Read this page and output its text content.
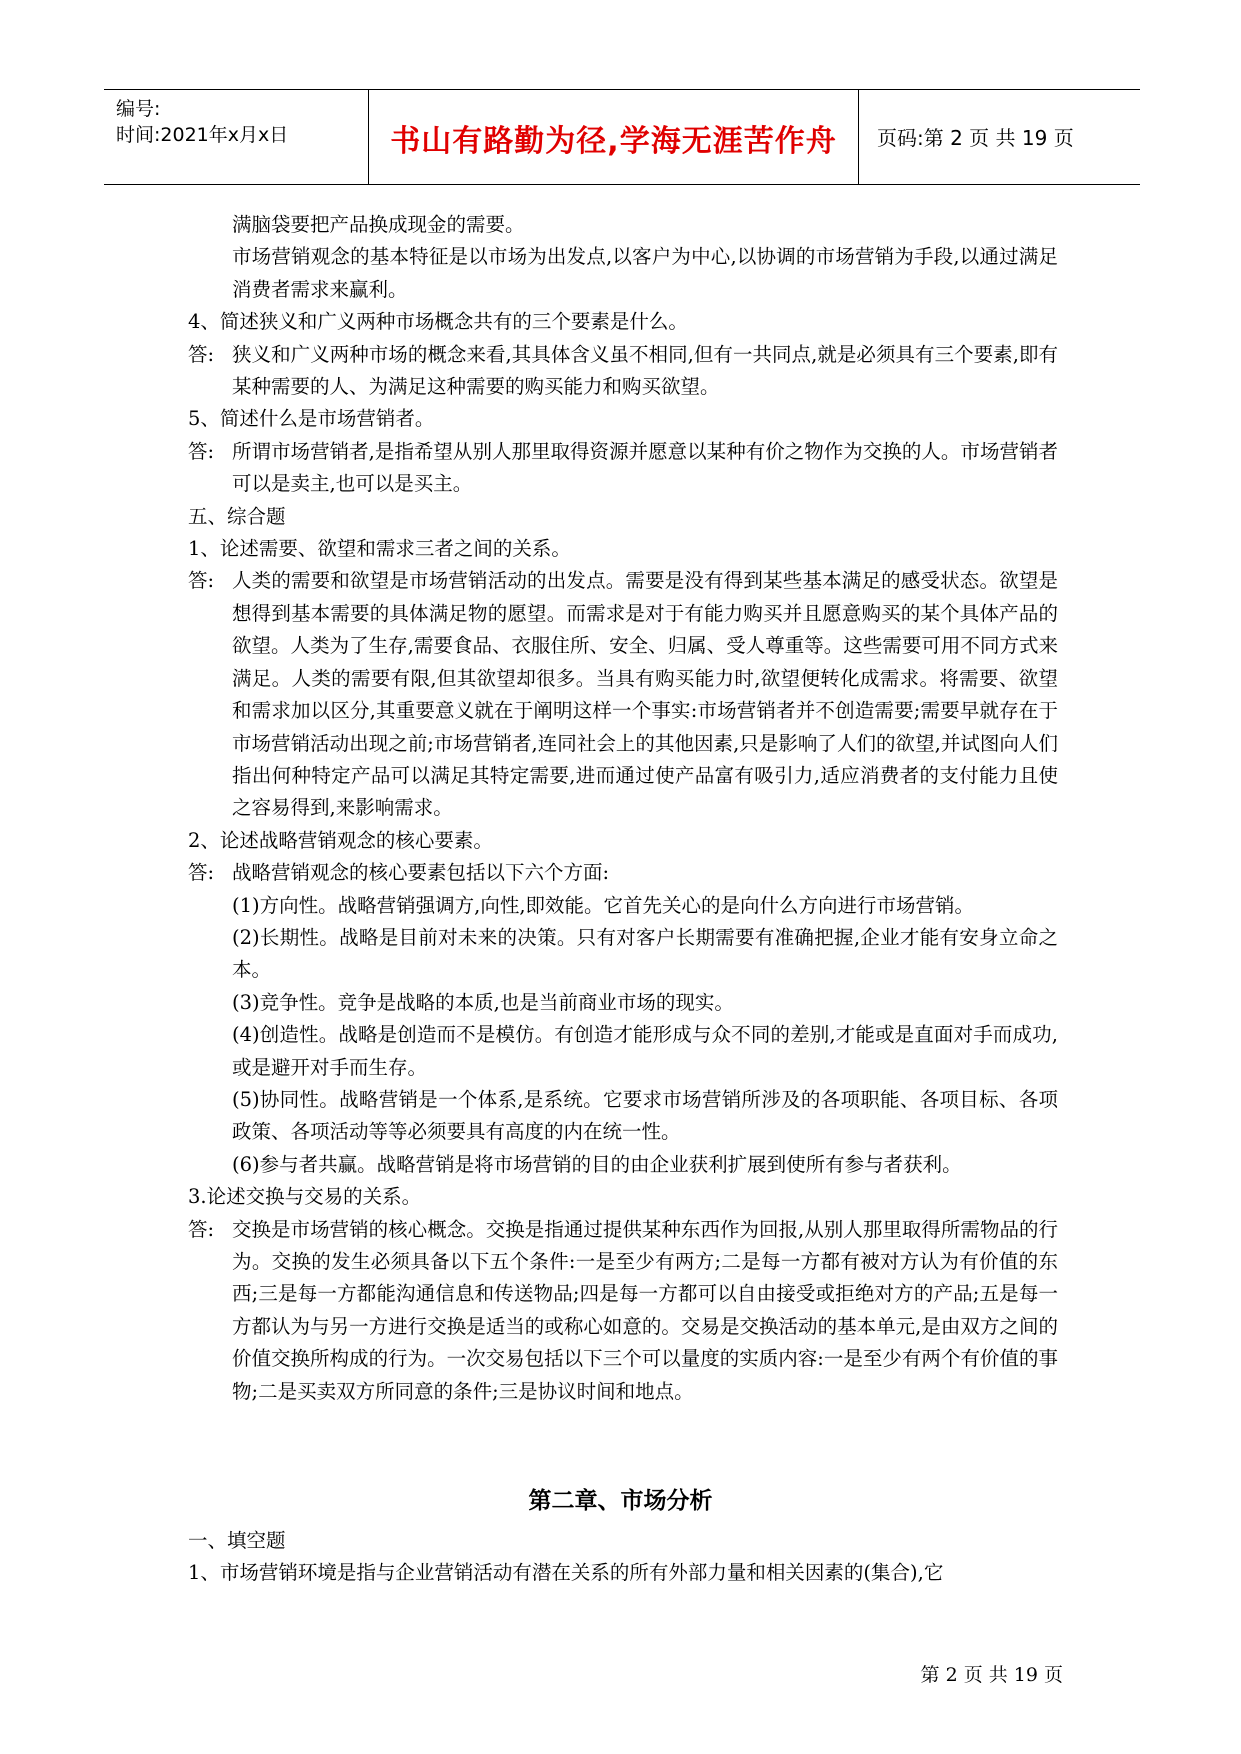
编号:
时间:2021年x月x日	书山有路勤为径,学海无涯苦作舟	页码:第 2 页 共 19 页
满脑袋要把产品换成现金的需要。
市场营销观念的基本特征是以市场为出发点,以客户为中心,以协调的市场营销为手段,以通过满足消费者需求来赢利。
4、简述狭义和广义两种市场概念共有的三个要素是什么。
答: 狭义和广义两种市场的概念来看,其具体含义虽不相同,但有一共同点,就是必须具有三个要素,即有某种需要的人、为满足这种需要的购买能力和购买欲望。
5、简述什么是市场营销者。
答: 所谓市场营销者,是指希望从别人那里取得资源并愿意以某种有价之物作为交换的人。市场营销者可以是卖主,也可以是买主。
五、综合题
1、论述需要、欲望和需求三者之间的关系。
答: 人类的需要和欲望是市场营销活动的出发点。需要是没有得到某些基本满足的感受状态。欲望是想得到基本需要的具体满足物的愿望。而需求是对于有能力购买并且愿意购买的某个具体产品的欲望。人类为了生存,需要食品、衣服住所、安全、归属、受人尊重等。这些需要可用不同方式来满足。人类的需要有限,但其欲望却很多。当具有购买能力时,欲望便转化成需求。将需要、欲望和需求加以区分,其重要意义就在于阐明这样一个事实:市场营销者并不创造需要;需要早就存在于市场营销活动出现之前;市场营销者,连同社会上的其他因素,只是影响了人们的欲望,并试图向人们指出何种特定产品可以满足其特定需要,进而通过使产品富有吸引力,适应消费者的支付能力且使之容易得到,来影响需求。
2、论述战略营销观念的核心要素。
答: 战略营销观念的核心要素包括以下六个方面:
(1)方向性。战略营销强调方,向性,即效能。它首先关心的是向什么方向进行市场营销。
(2)长期性。战略是目前对未来的决策。只有对客户长期需要有准确把握,企业才能有安身立命之本。
(3)竞争性。竞争是战略的本质,也是当前商业市场的现实。
(4)创造性。战略是创造而不是模仿。有创造才能形成与众不同的差别,才能或是直面对手而成功,或是避开对手而生存。
(5)协同性。战略营销是一个体系,是系统。它要求市场营销所涉及的各项职能、各项目标、各项政策、各项活动等等必须要具有高度的内在统一性。
(6)参与者共赢。战略营销是将市场营销的目的由企业获利扩展到使所有参与者获利。
3.论述交换与交易的关系。
答: 交换是市场营销的核心概念。交换是指通过提供某种东西作为回报,从别人那里取得所需物品的行为。交换的发生必须具备以下五个条件:一是至少有两方;二是每一方都有被对方认为有价值的东西;三是每一方都能沟通信息和传送物品;四是每一方都可以自由接受或拒绝对方的产品;五是每一方都认为与另一方进行交换是适当的或称心如意的。交易是交换活动的基本单元,是由双方之间的价值交换所构成的行为。一次交易包括以下三个可以量度的实质内容:一是至少有两个有价值的事物;二是买卖双方所同意的条件;三是协议时间和地点。
第二章、市场分析
一、填空题
1、市场营销环境是指与企业营销活动有潜在关系的所有外部力量和相关因素的(集合),它
第 2 页 共 19 页
